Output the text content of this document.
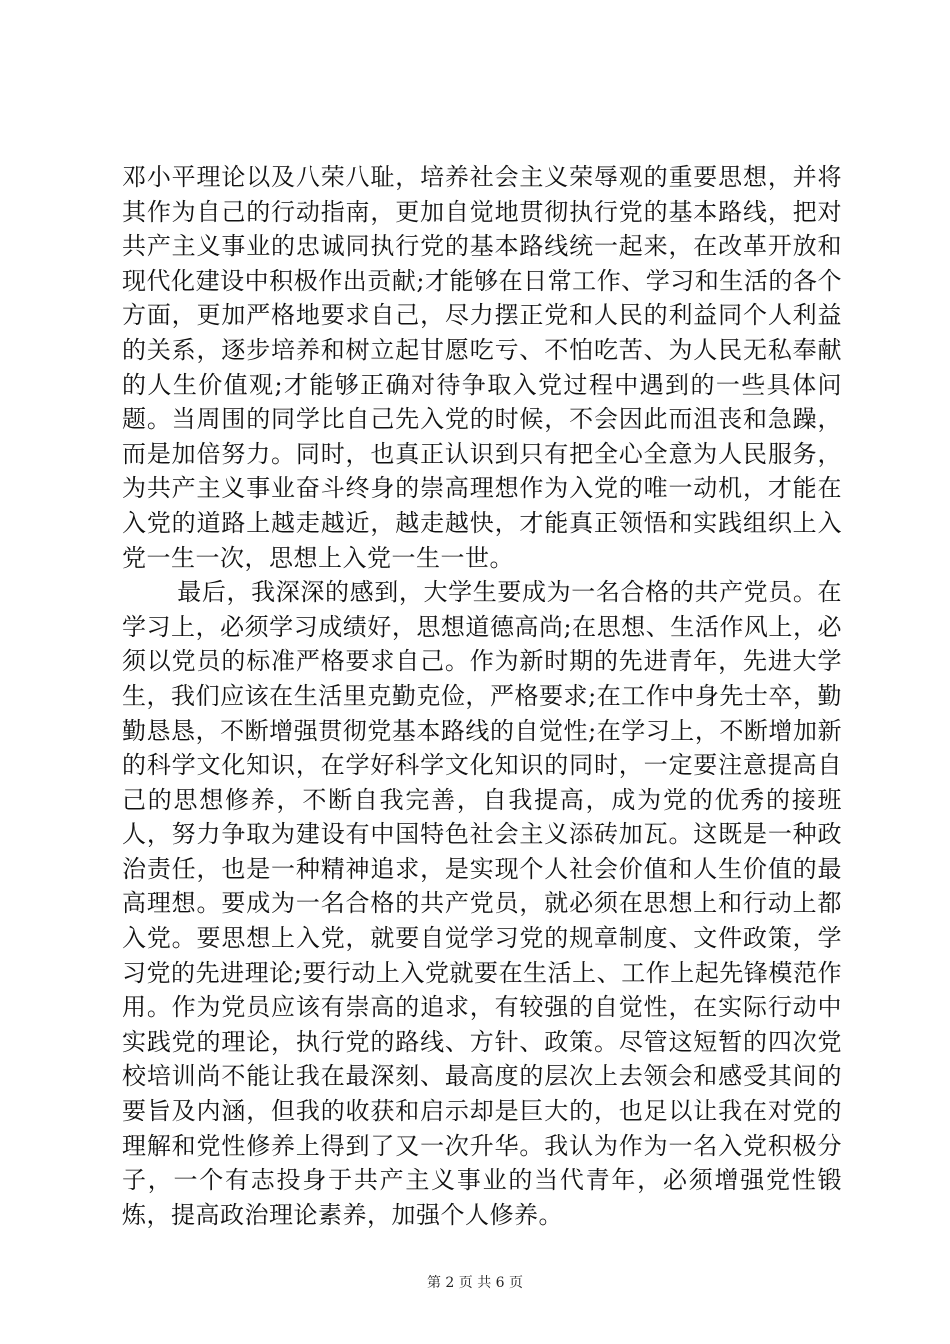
邓小平理论以及八荣八耻，培养社会主义荣辱观的重要思想，并将其作为自己的行动指南，更加自觉地贯彻执行党的基本路线，把对共产主义事业的忠诚同执行党的基本路线统一起来，在改革开放和现代化建设中积极作出贡献;才能够在日常工作、学习和生活的各个方面，更加严格地要求自己，尽力摆正党和人民的利益同个人利益的关系，逐步培养和树立起甘愿吃亏、不怕吃苦、为人民无私奉献的人生价值观;才能够正确对待争取入党过程中遇到的一些具体问题。当周围的同学比自己先入党的时候，不会因此而沮丧和急躁，而是加倍努力。同时，也真正认识到只有把全心全意为人民服务，为共产主义事业奋斗终身的崇高理想作为入党的唯一动机，才能在入党的道路上越走越近，越走越快，才能真正领悟和实践组织上入党一生一次，思想上入党一生一世。

最后，我深深的感到，大学生要成为一名合格的共产党员。在学习上，必须学习成绩好，思想道德高尚;在思想、生活作风上，必须以党员的标准严格要求自己。作为新时期的先进青年，先进大学生，我们应该在生活里克勤克俭，严格要求;在工作中身先士卒，勤勤恳恳，不断增强贯彻党基本路线的自觉性;在学习上，不断增加新的科学文化知识，在学好科学文化知识的同时，一定要注意提高自己的思想修养，不断自我完善，自我提高，成为党的优秀的接班人，努力争取为建设有中国特色社会主义添砖加瓦。这既是一种政治责任，也是一种精神追求，是实现个人社会价值和人生价值的最高理想。要成为一名合格的共产党员，就必须在思想上和行动上都入党。要思想上入党，就要自觉学习党的规章制度、文件政策，学习党的先进理论;要行动上入党就要在生活上、工作上起先锋模范作用。作为党员应该有崇高的追求，有较强的自觉性，在实际行动中实践党的理论，执行党的路线、方针、政策。尽管这短暂的四次党校培训尚不能让我在最深刻、最高度的层次上去领会和感受其间的要旨及内涵，但我的收获和启示却是巨大的，也足以让我在对党的理解和党性修养上得到了又一次升华。我认为作为一名入党积极分子，一个有志投身于共产主义事业的当代青年，必须增强党性锻炼，提高政治理论素养，加强个人修养。

第 2 页 共 6 页
